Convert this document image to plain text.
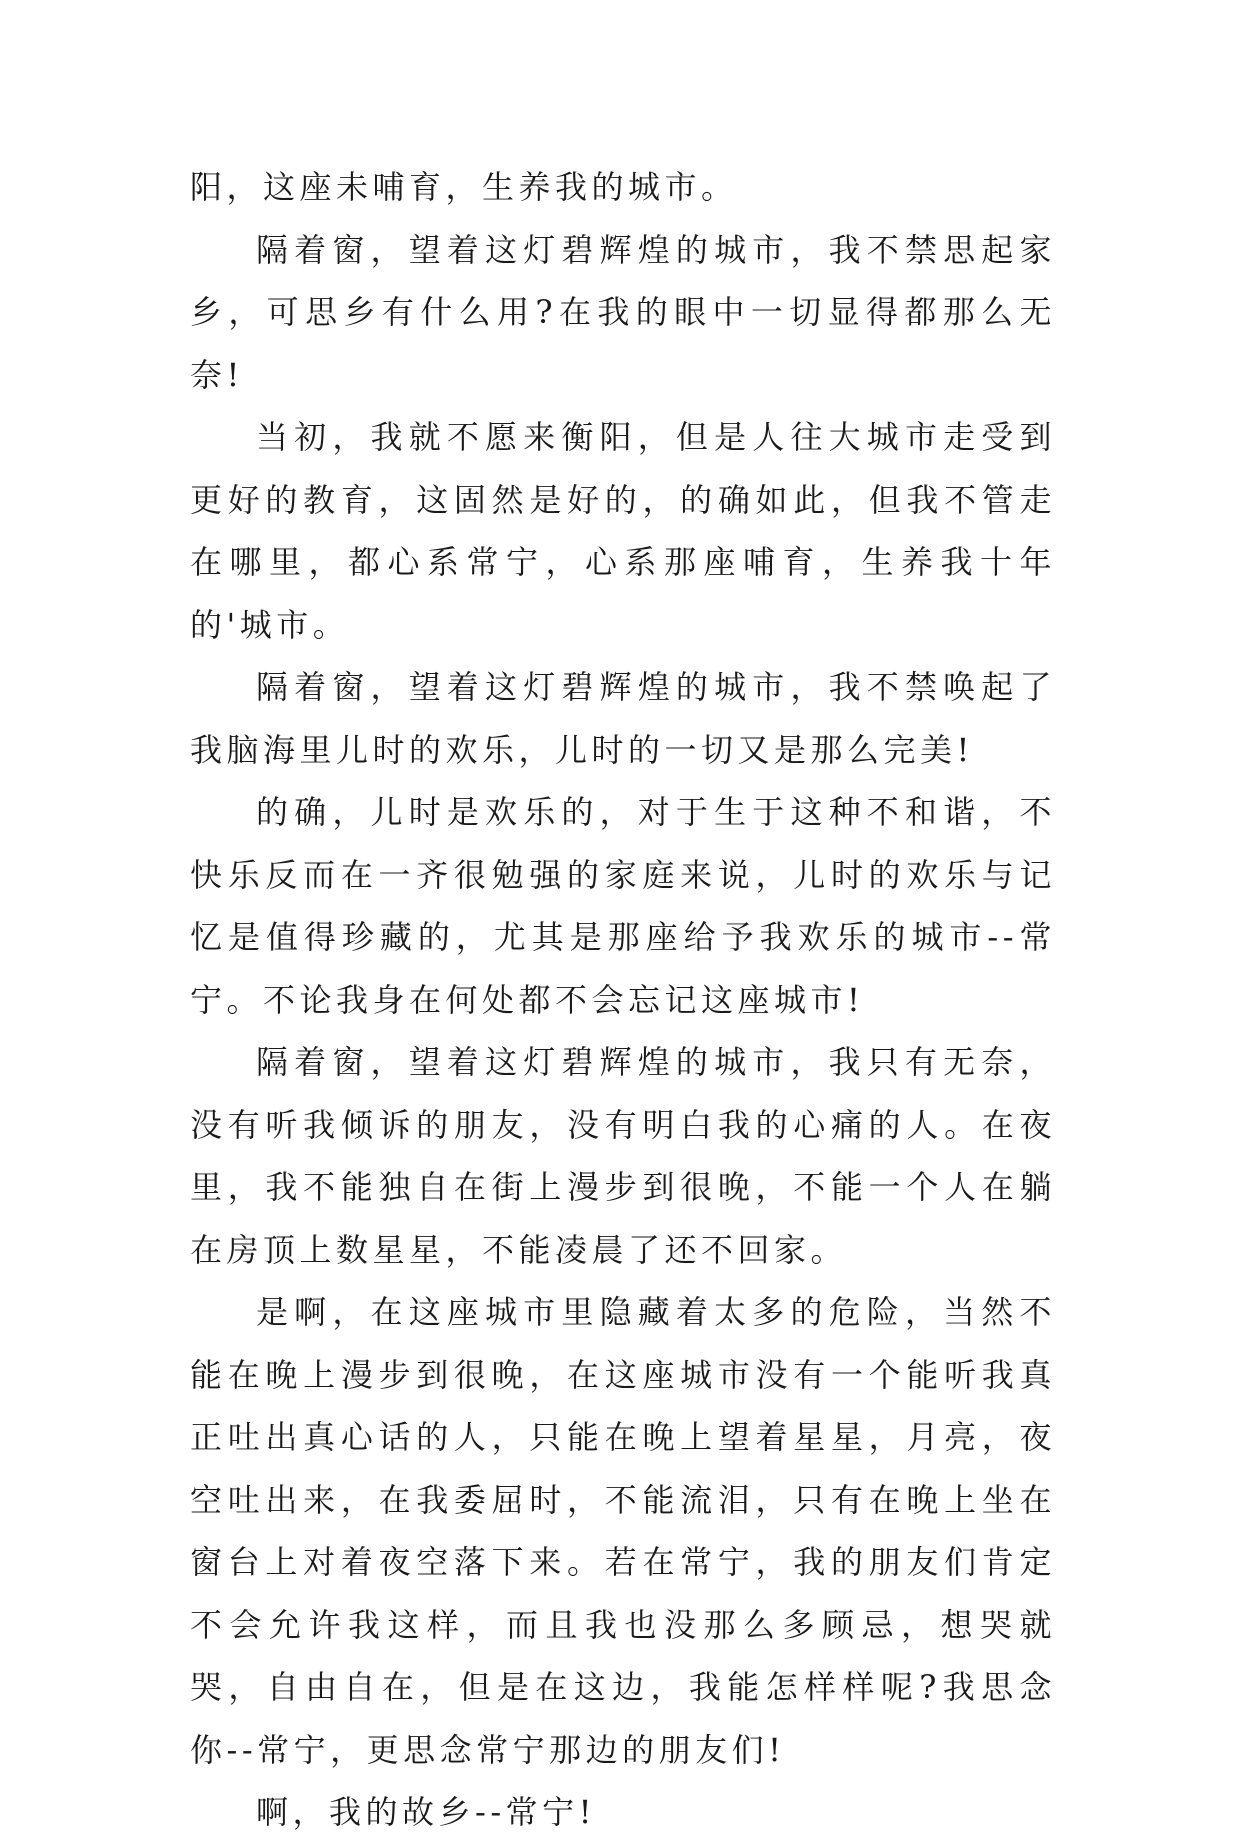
阳，这座未哺育，生养我的城市。

隔着窗，望着这灯碧辉煌的城市，我不禁思起家乡，可思乡有什么用?在我的眼中一切显得都那么无奈!

当初，我就不愿来衡阳，但是人往大城市走受到更好的教育，这固然是好的，的确如此，但我不管走在哪里，都心系常宁，心系那座哺育，生养我十年的'城市。

隔着窗，望着这灯碧辉煌的城市，我不禁唤起了我脑海里儿时的欢乐，儿时的一切又是那么完美!

的确，儿时是欢乐的，对于生于这种不和谐，不快乐反而在一齐很勉强的家庭来说，儿时的欢乐与记忆是值得珍藏的，尤其是那座给予我欢乐的城市--常宁。不论我身在何处都不会忘记这座城市!

隔着窗，望着这灯碧辉煌的城市，我只有无奈，没有听我倾诉的朋友，没有明白我的心痛的人。在夜里，我不能独自在街上漫步到很晚，不能一个人在躺在房顶上数星星，不能凌晨了还不回家。

是啊，在这座城市里隐藏着太多的危险，当然不能在晚上漫步到很晚，在这座城市没有一个能听我真正吐出真心话的人，只能在晚上望着星星，月亮，夜空吐出来，在我委屈时，不能流泪，只有在晚上坐在窗台上对着夜空落下来。若在常宁，我的朋友们肯定不会允许我这样，而且我也没那么多顾忌，想哭就哭，自由自在，但是在这边，我能怎样样呢?我思念你--常宁，更思念常宁那边的朋友们!

啊，我的故乡--常宁!
